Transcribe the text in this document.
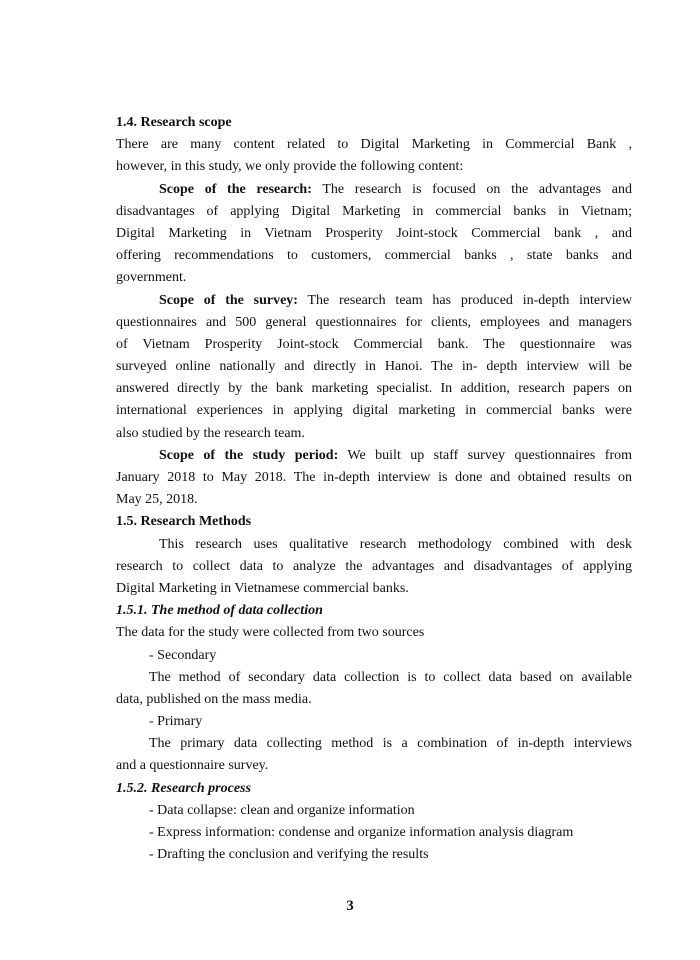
1.4. Research scope
There are many content related to Digital Marketing in Commercial Bank ,
however, in this study, we only provide the following content:
Scope of the research: The research is focused on the advantages and
disadvantages of applying Digital Marketing in commercial banks in Vietnam;
Digital Marketing in Vietnam Prosperity Joint-stock Commercial bank , and
offering recommendations to customers, commercial banks , state banks and
government.
Scope of the survey: The research team has produced in-depth interview
questionnaires and 500 general questionnaires for clients, employees and managers
of Vietnam Prosperity Joint-stock Commercial bank. The questionnaire was
surveyed online nationally and directly in Hanoi. The in- depth interview will be
answered directly by the bank marketing specialist. In addition, research papers on
international experiences in applying digital marketing in commercial banks were
also studied by the research team.
Scope of the study period: We built up staff survey questionnaires from
January 2018 to May 2018. The in-depth interview is done and obtained results on
May 25, 2018.
1.5. Research Methods
This research uses qualitative research methodology combined with desk
research to collect data to analyze the advantages and disadvantages of applying
Digital Marketing in Vietnamese commercial banks.
1.5.1. The method of data collection
The data for the study were collected from two sources
- Secondary
The method of secondary data collection is to collect data based on available
data, published on the mass media.
- Primary
The primary data collecting method is a combination of in-depth interviews
and a questionnaire survey.
1.5.2. Research process
- Data collapse: clean and organize information
- Express information: condense and organize information analysis diagram
- Drafting the conclusion and verifying the results
3
